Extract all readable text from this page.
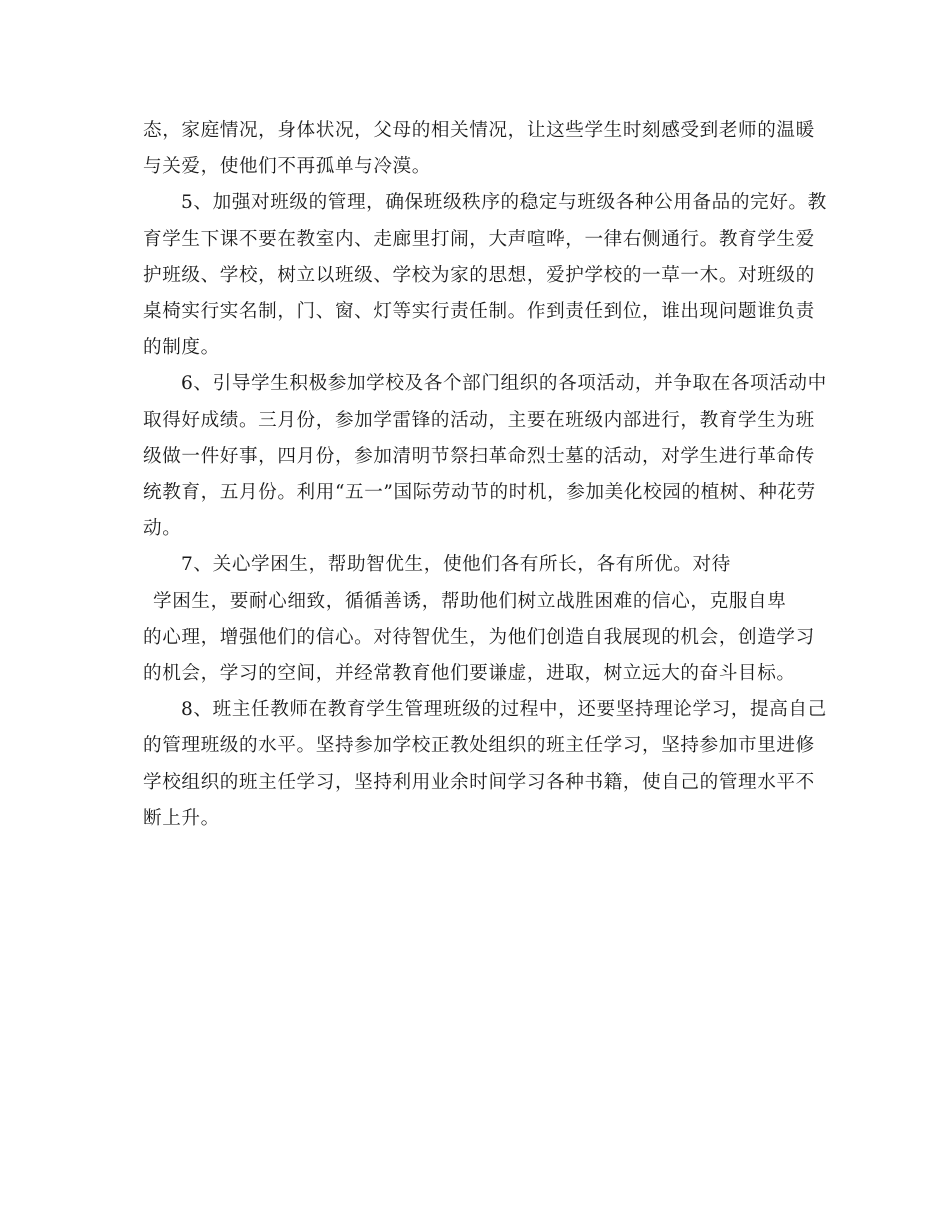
态，家庭情况，身体状况，父母的相关情况，让这些学生时刻感受到老师的温暖
与关爱，使他们不再孤单与冷漠。

5、加强对班级的管理，确保班级秩序的稳定与班级各种公用备品的完好。教
育学生下课不要在教室内、走廊里打闹，大声喧哗，一律右侧通行。教育学生爱
护班级、学校，树立以班级、学校为家的思想，爱护学校的一草一木。对班级的
桌椅实行实名制，门、窗、灯等实行责任制。作到责任到位，谁出现问题谁负责
的制度。

6、引导学生积极参加学校及各个部门组织的各项活动，并争取在各项活动中
取得好成绩。三月份，参加学雷锋的活动，主要在班级内部进行，教育学生为班
级做一件好事，四月份，参加清明节祭扫革命烈士墓的活动，对学生进行革命传
统教育，五月份。利用“五一”国际劳动节的时机，参加美化校园的植树、种花劳
动。

7、关心学困生，帮助智优生，使他们各有所长，各有所优。对待

学困生，要耐心细致，循循善诱，帮助他们树立战胜困难的信心，克服自卑
的心理，增强他们的信心。对待智优生，为他们创造自我展现的机会，创造学习
的机会，学习的空间，并经常教育他们要谦虚，进取，树立远大的奋斗目标。

8、班主任教师在教育学生管理班级的过程中，还要坚持理论学习，提高自己
的管理班级的水平。坚持参加学校正教处组织的班主任学习，坚持参加市里进修
学校组织的班主任学习，坚持利用业余时间学习各种书籍，使自己的管理水平不
断上升。
